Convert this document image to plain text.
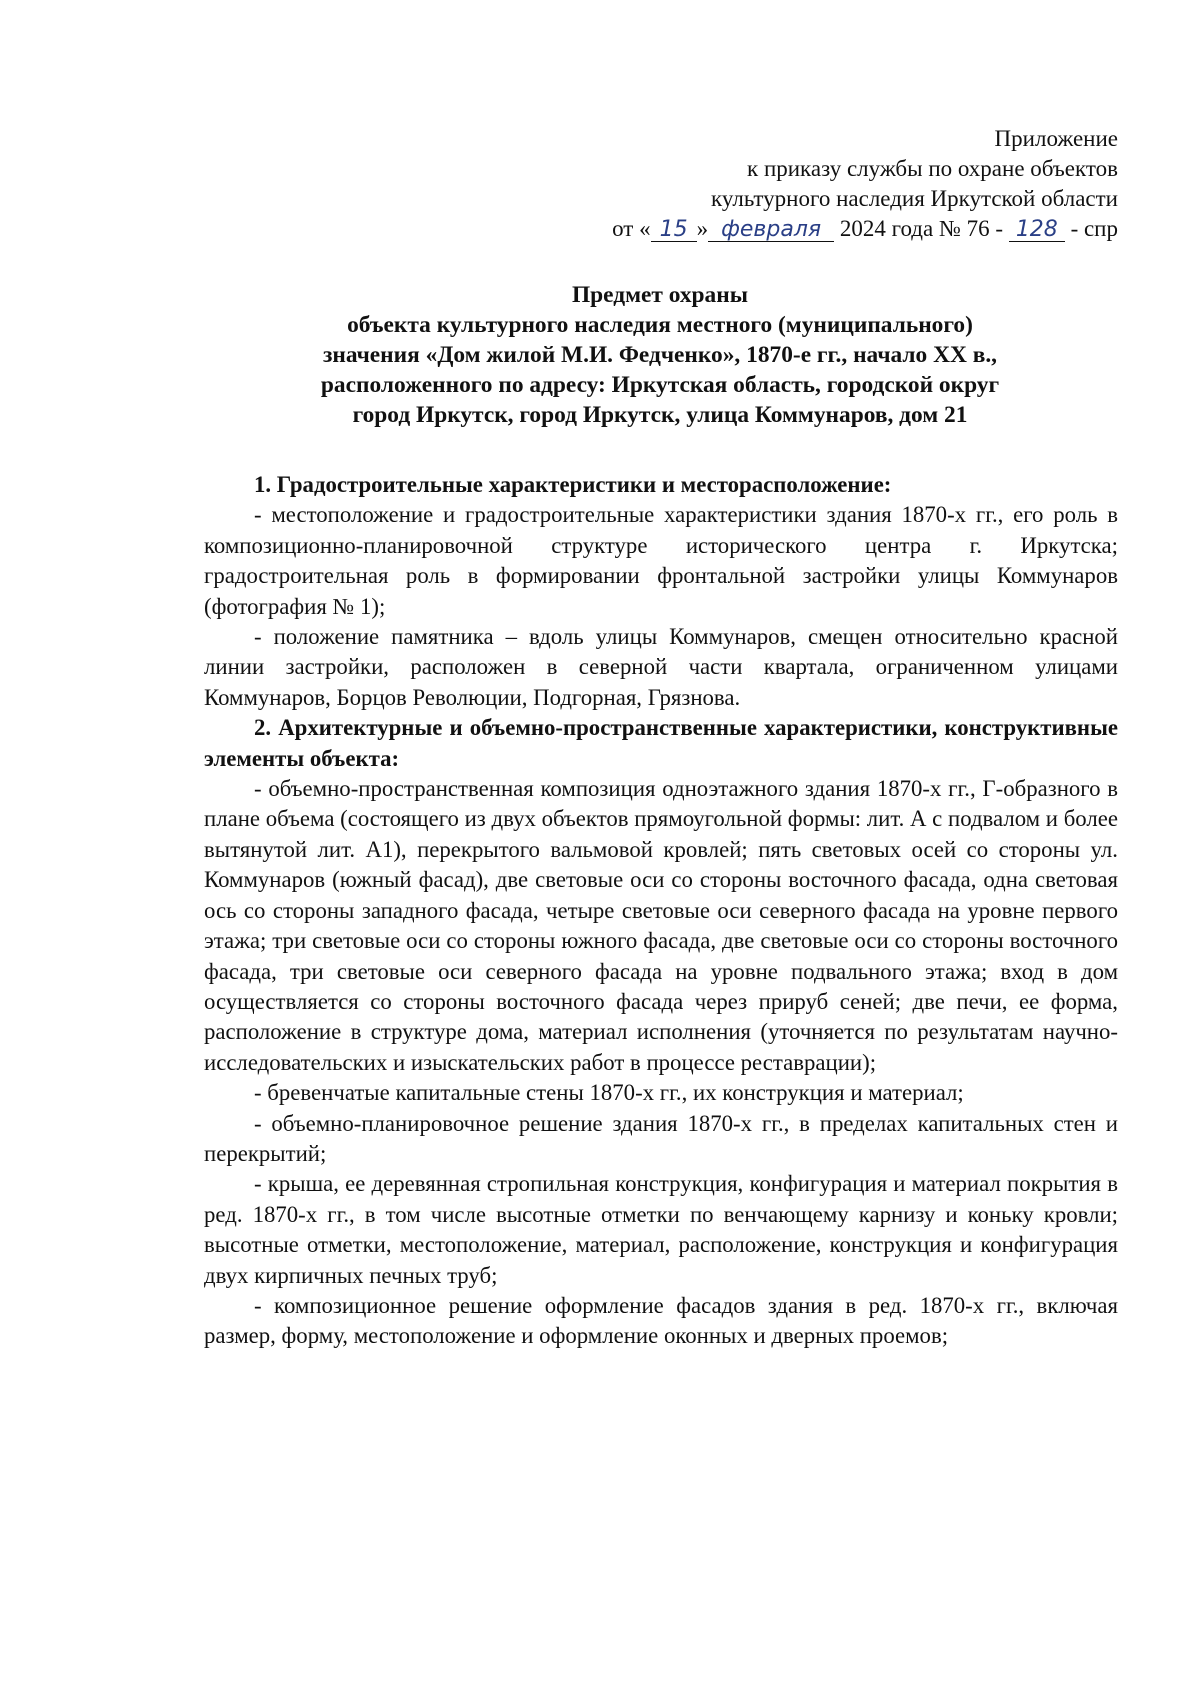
Приложение
к приказу службы по охране объектов
культурного наследия Иркутской области
от « 15 » февраля 2024 года № 76 - 128 - спр
Предмет охраны
объекта культурного наследия местного (муниципального)
значения «Дом жилой М.И. Федченко», 1870-е гг., начало XX в.,
расположенного по адресу: Иркутская область, городской округ
город Иркутск, город Иркутск, улица Коммунаров, дом 21

1. Градостроительные характеристики и месторасположение:

- местоположение и градостроительные характеристики здания 1870-х гг., его роль в композиционно-планировочной структуре исторического центра г. Иркутска; градостроительная роль в формировании фронтальной застройки улицы Коммунаров (фотография № 1);

- положение памятника – вдоль улицы Коммунаров, смещен относительно красной линии застройки, расположен в северной части квартала, ограниченном улицами Коммунаров, Борцов Революции, Подгорная, Грязнова.

2. Архитектурные и объемно-пространственные характеристики, конструктивные элементы объекта:

- объемно-пространственная композиция одноэтажного здания 1870-х гг., Г-образного в плане объема (состоящего из двух объектов прямоугольной формы: лит. А с подвалом и более вытянутой лит. А1), перекрытого вальмовой кровлей; пять световых осей со стороны ул. Коммунаров (южный фасад), две световые оси со стороны восточного фасада, одна световая ось со стороны западного фасада, четыре световые оси северного фасада на уровне первого этажа; три световые оси со стороны южного фасада, две световые оси со стороны восточного фасада, три световые оси северного фасада на уровне подвального этажа; вход в дом осуществляется со стороны восточного фасада через прируб сеней; две печи, ее форма, расположение в структуре дома, материал исполнения (уточняется по результатам научно-исследовательских и изыскательских работ в процессе реставрации);

- бревенчатые капитальные стены 1870-х гг., их конструкция и материал;

- объемно-планировочное решение здания 1870-х гг., в пределах капитальных стен и перекрытий;

- крыша, ее деревянная стропильная конструкция, конфигурация и материал покрытия в ред. 1870-х гг., в том числе высотные отметки по венчающему карнизу и коньку кровли; высотные отметки, местоположение, материал, расположение, конструкция и конфигурация двух кирпичных печных труб;

- композиционное решение оформление фасадов здания в ред. 1870-х гг., включая размер, форму, местоположение и оформление оконных и дверных проемов;
